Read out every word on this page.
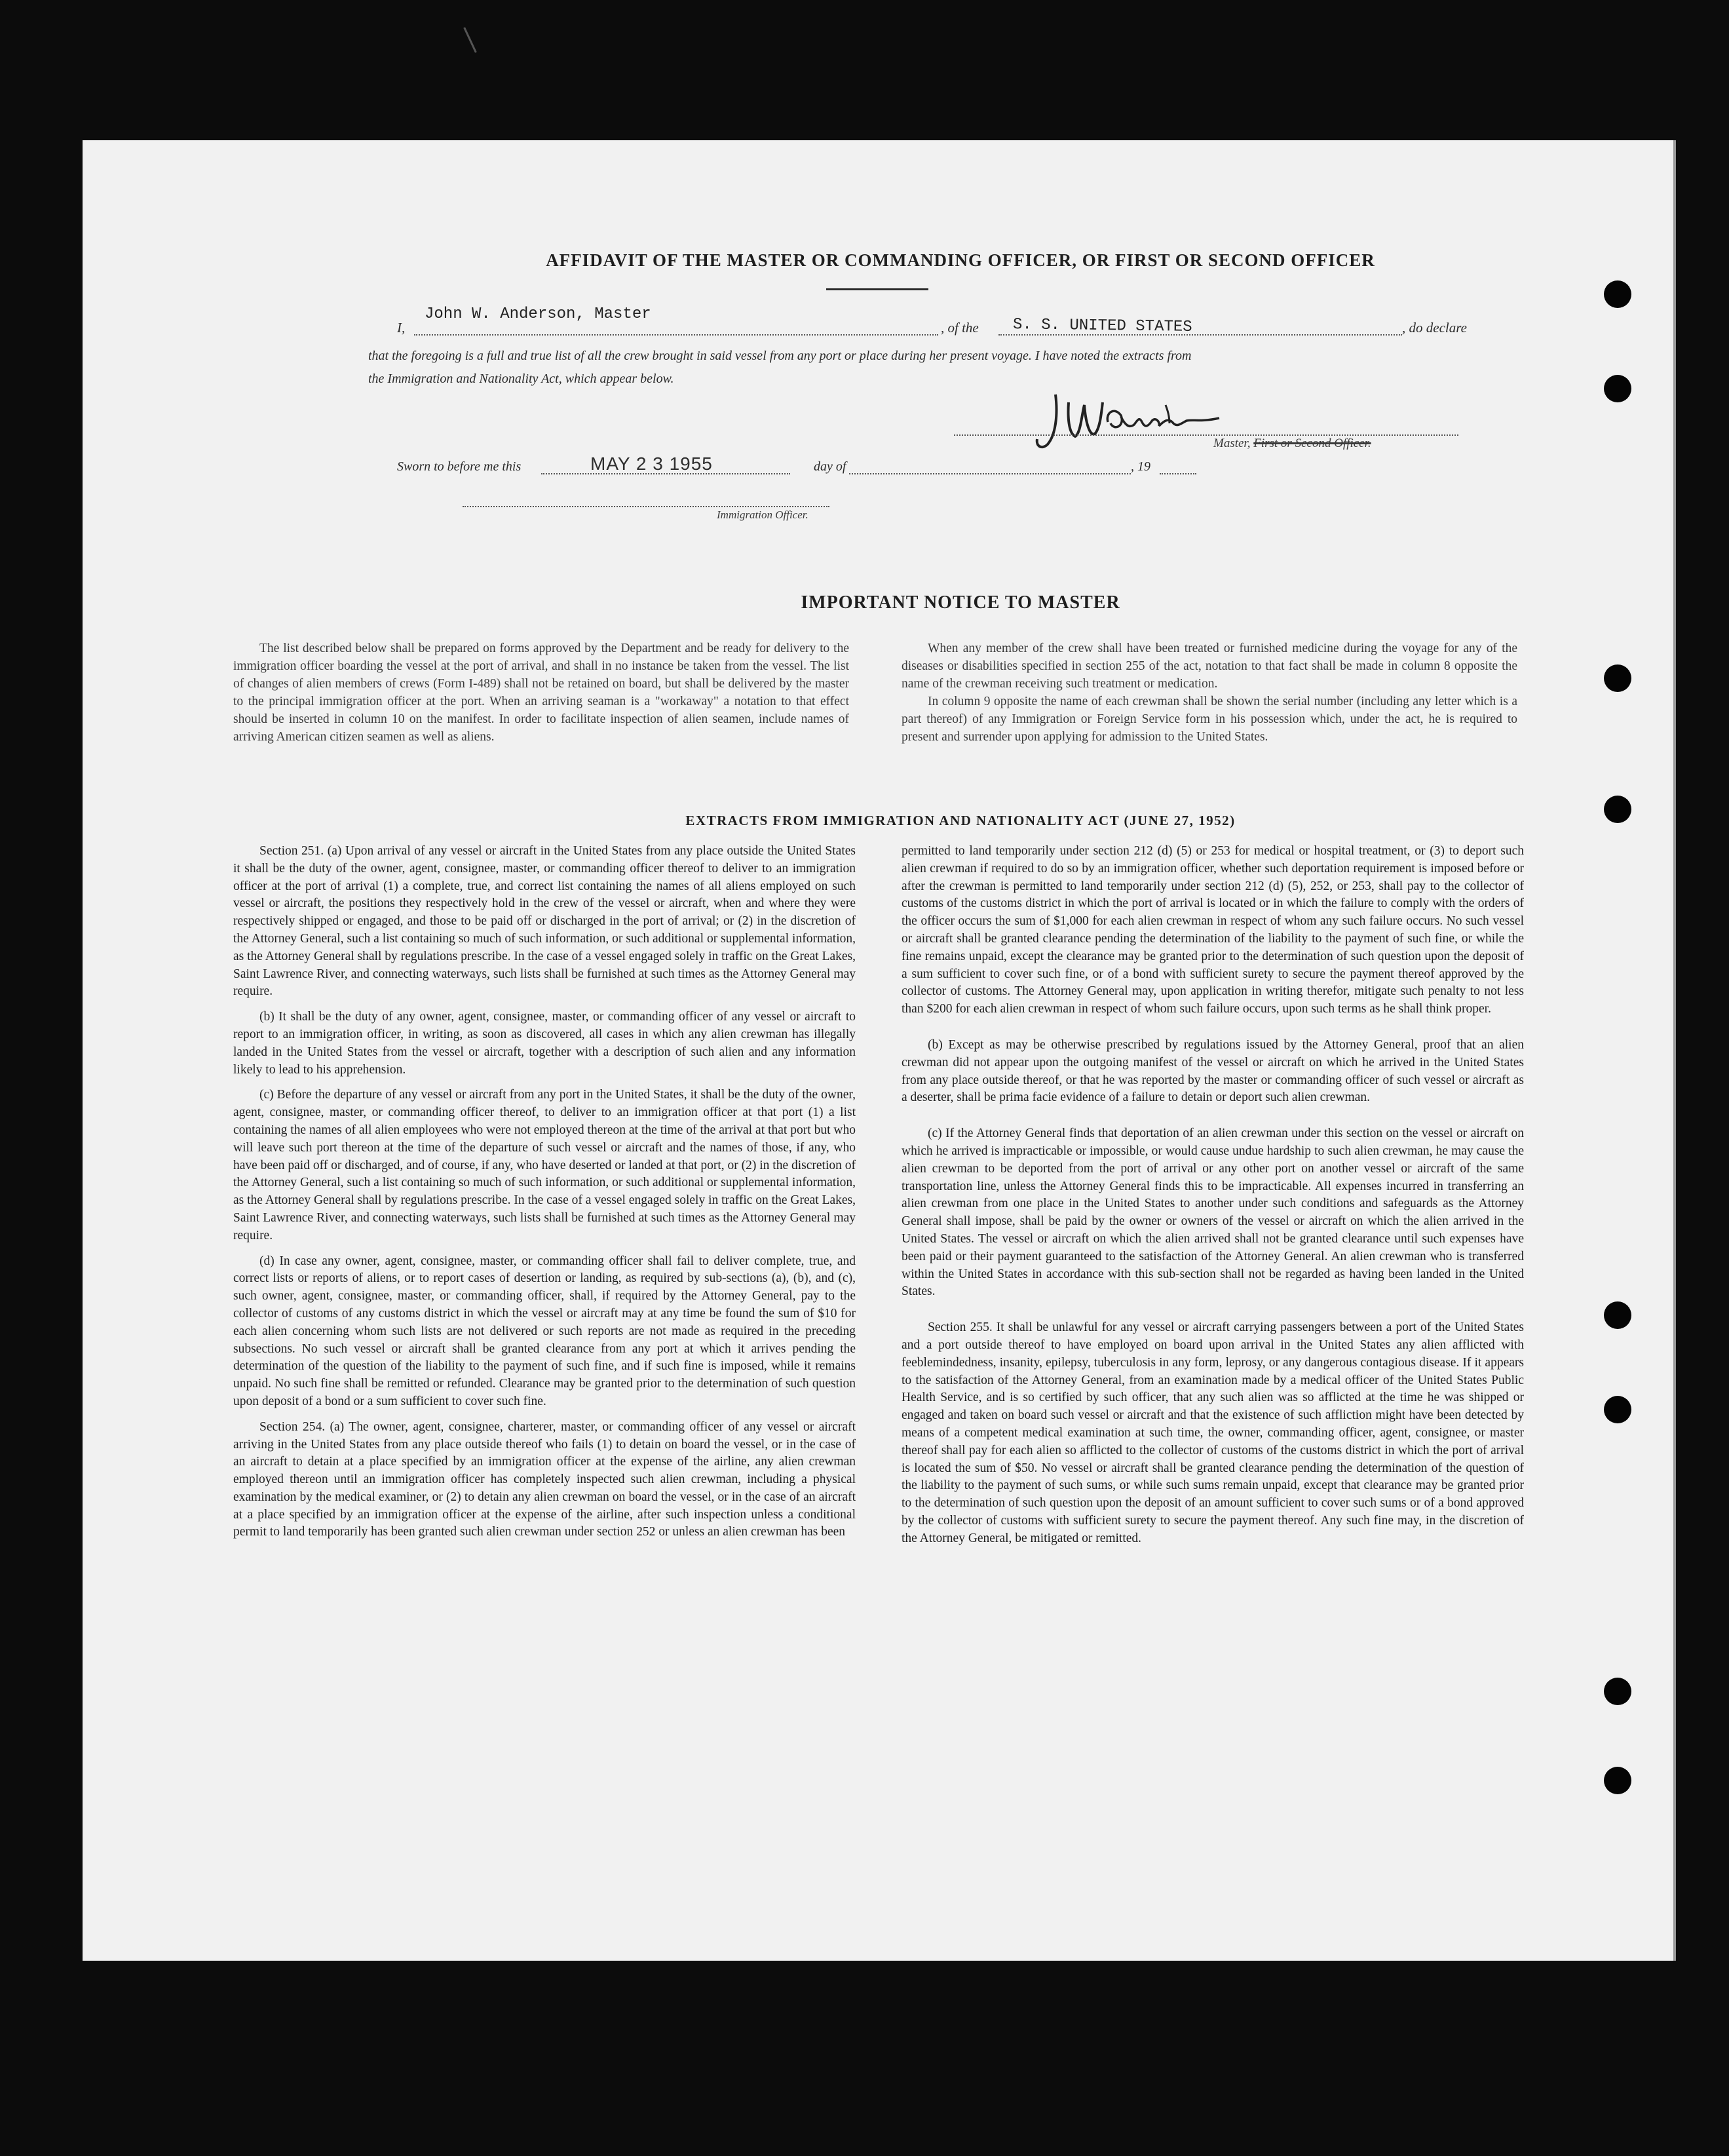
AFFIDAVIT OF THE MASTER OR COMMANDING OFFICER, OR FIRST OR SECOND OFFICER
I,
John W. Anderson, Master
, of the S. S. UNITED STATES	, do declare
that the foregoing is a full and true list of all the crew brought in said vessel from any port or place during her present voyage. I have noted the extracts from
the Immigration and Nationality Act, which appear below.
Master, First or Second Officer.
Sworn to before me this	MAY 2 3 1955	day of	, 19
Immigration Officer.
IMPORTANT NOTICE TO MASTER

The list described below shall be prepared on forms approved by the Department and be ready for delivery to the immigration officer boarding the vessel at the port of arrival, and shall in no instance be taken from the vessel. The list of changes of alien members of crews (Form I-489) shall not be retained on board, but shall be delivered by the master to the principal immigration officer at the port. When an arriving seaman is a "workaway" a notation to that effect should be inserted in column 10 on the manifest. In order to facilitate inspection of alien seamen, include names of arriving American citizen seamen as well as aliens.

When any member of the crew shall have been treated or furnished medicine during the voyage for any of the diseases or disabilities specified in section 255 of the act, notation to that fact shall be made in column 8 opposite the name of the crewman receiving such treatment or medication.

In column 9 opposite the name of each crewman shall be shown the serial number (including any letter which is a part thereof) of any Immigration or Foreign Service form in his possession which, under the act, he is required to present and surrender upon applying for admission to the United States.

EXTRACTS FROM IMMIGRATION AND NATIONALITY ACT (JUNE 27, 1952)

Section 251. (a) Upon arrival of any vessel or aircraft in the United States from any place outside the United States it shall be the duty of the owner, agent, consignee, master, or commanding officer thereof to deliver to an immigration officer at the port of arrival (1) a complete, true, and correct list containing the names of all aliens employed on such vessel or aircraft, the positions they respectively hold in the crew of the vessel or aircraft, when and where they were respectively shipped or engaged, and those to be paid off or discharged in the port of arrival; or (2) in the discretion of the Attorney General, such a list containing so much of such information, or such additional or supplemental information, as the Attorney General shall by regulations prescribe. In the case of a vessel engaged solely in traffic on the Great Lakes, Saint Lawrence River, and connecting waterways, such lists shall be furnished at such times as the Attorney General may require.

(b) It shall be the duty of any owner, agent, consignee, master, or commanding officer of any vessel or aircraft to report to an immigration officer, in writing, as soon as discovered, all cases in which any alien crewman has illegally landed in the United States from the vessel or aircraft, together with a description of such alien and any information likely to lead to his apprehension.

(c) Before the departure of any vessel or aircraft from any port in the United States, it shall be the duty of the owner, agent, consignee, master, or commanding officer thereof, to deliver to an immigration officer at that port (1) a list containing the names of all alien employees who were not employed thereon at the time of the arrival at that port but who will leave such port thereon at the time of the departure of such vessel or aircraft and the names of those, if any, who have been paid off or discharged, and of course, if any, who have deserted or landed at that port, or (2) in the discretion of the Attorney General, such a list containing so much of such information, or such additional or supplemental information, as the Attorney General shall by regulations prescribe. In the case of a vessel engaged solely in traffic on the Great Lakes, Saint Lawrence River, and connecting waterways, such lists shall be furnished at such times as the Attorney General may require.

(d) In case any owner, agent, consignee, master, or commanding officer shall fail to deliver complete, true, and correct lists or reports of aliens, or to report cases of desertion or landing, as required by sub-sections (a), (b), and (c), such owner, agent, consignee, master, or commanding officer, shall, if required by the Attorney General, pay to the collector of customs of any customs district in which the vessel or aircraft may at any time be found the sum of $10 for each alien concerning whom such lists are not delivered or such reports are not made as required in the preceding subsections. No such vessel or aircraft shall be granted clearance from any port at which it arrives pending the determination of the question of the liability to the payment of such fine, and if such fine is imposed, while it remains unpaid. No such fine shall be remitted or refunded. Clearance may be granted prior to the determination of such question upon deposit of a bond or a sum sufficient to cover such fine.

Section 254. (a) The owner, agent, consignee, charterer, master, or commanding officer of any vessel or aircraft arriving in the United States from any place outside thereof who fails (1) to detain on board the vessel, or in the case of an aircraft to detain at a place specified by an immigration officer at the expense of the airline, any alien crewman employed thereon until an immigration officer has completely inspected such alien crewman, including a physical examination by the medical examiner, or (2) to detain any alien crewman on board the vessel, or in the case of an aircraft at a place specified by an immigration officer at the expense of the airline, after such inspection unless a conditional permit to land temporarily has been granted such alien crewman under section 252 or unless an alien crewman has been

permitted to land temporarily under section 212 (d) (5) or 253 for medical or hospital treatment, or (3) to deport such alien crewman if required to do so by an immigration officer, whether such deportation requirement is imposed before or after the crewman is permitted to land temporarily under section 212 (d) (5), 252, or 253, shall pay to the collector of customs of the customs district in which the port of arrival is located or in which the failure to comply with the orders of the officer occurs the sum of $1,000 for each alien crewman in respect of whom any such failure occurs. No such vessel or aircraft shall be granted clearance pending the determination of the liability to the payment of such fine, or while the fine remains unpaid, except the clearance may be granted prior to the determination of such question upon the deposit of a sum sufficient to cover such fine, or of a bond with sufficient surety to secure the payment thereof approved by the collector of customs. The Attorney General may, upon application in writing therefor, mitigate such penalty to not less than $200 for each alien crewman in respect of whom such failure occurs, upon such terms as he shall think proper.

(b) Except as may be otherwise prescribed by regulations issued by the Attorney General, proof that an alien crewman did not appear upon the outgoing manifest of the vessel or aircraft on which he arrived in the United States from any place outside thereof, or that he was reported by the master or commanding officer of such vessel or aircraft as a deserter, shall be prima facie evidence of a failure to detain or deport such alien crewman.

(c) If the Attorney General finds that deportation of an alien crewman under this section on the vessel or aircraft on which he arrived is impracticable or impossible, or would cause undue hardship to such alien crewman, he may cause the alien crewman to be deported from the port of arrival or any other port on another vessel or aircraft of the same transportation line, unless the Attorney General finds this to be impracticable. All expenses incurred in transferring an alien crewman from one place in the United States to another under such conditions and safeguards as the Attorney General shall impose, shall be paid by the owner or owners of the vessel or aircraft on which the alien arrived in the United States. The vessel or aircraft on which the alien arrived shall not be granted clearance until such expenses have been paid or their payment guaranteed to the satisfaction of the Attorney General. An alien crewman who is transferred within the United States in accordance with this sub-section shall not be regarded as having been landed in the United States.

Section 255. It shall be unlawful for any vessel or aircraft carrying passengers between a port of the United States and a port outside thereof to have employed on board upon arrival in the United States any alien afflicted with feeblemindedness, insanity, epilepsy, tuberculosis in any form, leprosy, or any dangerous contagious disease. If it appears to the satisfaction of the Attorney General, from an examination made by a medical officer of the United States Public Health Service, and is so certified by such officer, that any such alien was so afflicted at the time he was shipped or engaged and taken on board such vessel or aircraft and that the existence of such affliction might have been detected by means of a competent medical examination at such time, the owner, commanding officer, agent, consignee, or master thereof shall pay for each alien so afflicted to the collector of customs of the customs district in which the port of arrival is located the sum of $50. No vessel or aircraft shall be granted clearance pending the determination of the question of the liability to the payment of such sums, or while such sums remain unpaid, except that clearance may be granted prior to the determination of such question upon the deposit of an amount sufficient to cover such sums or of a bond approved by the collector of customs with sufficient surety to secure the payment thereof. Any such fine may, in the discretion of the Attorney General, be mitigated or remitted.
